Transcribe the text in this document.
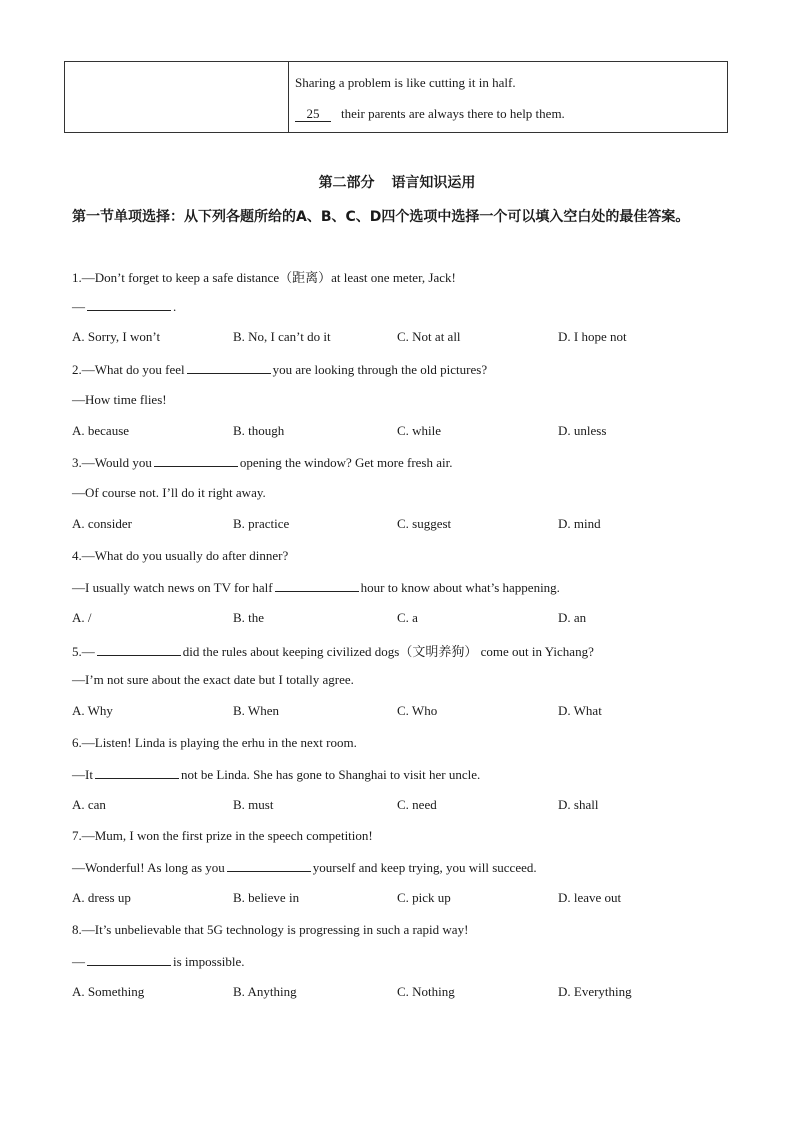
Sharing a problem is like cutting it in half.
25 their parents are always there to help them.
第二部分 语言知识运用
第一节单项选择：从下列各题所给的A、B、C、D四个选项中选择一个可以填入空白处的最佳答案。
1.—Don’t forget to keep a safe distance（距离）at least one meter, Jack!
—	.
A. Sorry, I won’t	B. No, I can’t do it	C. Not at all	D. I hope not
2.—What do you feel	you are looking through the old pictures?
—How time flies!
A. because	B. though	C. while	D. unless
3.—Would you	opening the window? Get more fresh air.
—Of course not. I’ll do it right away.
A. consider	B. practice	C. suggest	D. mind
4.—What do you usually do after dinner?
—I usually watch news on TV for half	hour to know about what’s happening.
A. /	B. the	C. a	D. an
5.—	did the rules about keeping civilized dogs（文明养狗） come out in Yichang?
—I’m not sure about the exact date but I totally agree.
A. Why	B. When	C. Who	D. What
6.—Listen! Linda is playing the erhu in the next room.
—It	not be Linda. She has gone to Shanghai to visit her uncle.
A. can	B. must	C. need	D. shall
7.—Mum, I won the first prize in the speech competition!
—Wonderful! As long as you	yourself and keep trying, you will succeed.
A. dress up	B. believe in	C. pick up	D. leave out
8.—It’s unbelievable that 5G technology is progressing in such a rapid way!
—	is impossible.
A. Something	B. Anything	C. Nothing	D. Everything
